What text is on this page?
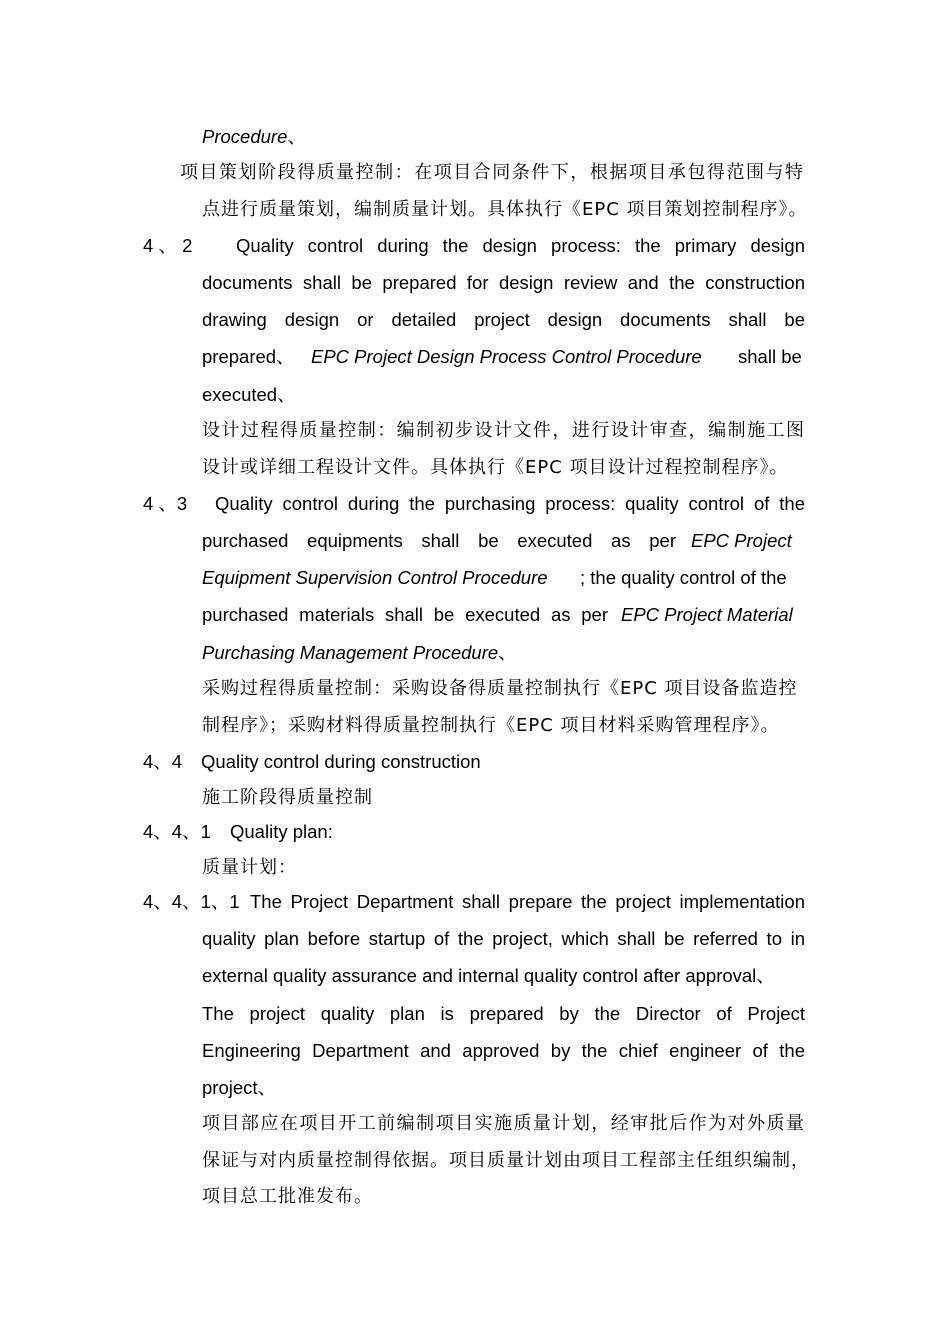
Procedure、

项目策划阶段得质量控制：在项目合同条件下，根据项目承包得范围与特

点进行质量策划，编制质量计划。具体执行《EPC 项目策划控制程序》。

4 、 2 Quality control during the design process: the primary design

documents shall be prepared for design review and the construction

drawing design or detailed project design documents shall be

prepared、 EPC Project Design Process Control Procedure shall be

executed、

设计过程得质量控制：编制初步设计文件，进行设计审查，编制施工图

设计或详细工程设计文件。具体执行《EPC 项目设计过程控制程序》。

4 、3 Quality control during the purchasing process: quality control of the

purchased equipments shall be executed as per EPC Project

Equipment Supervision Control Procedure ; the quality control of the

purchased materials shall be executed as per EPC Project Material

Purchasing Management Procedure、

采购过程得质量控制：采购设备得质量控制执行《EPC 项目设备监造控

制程序》；采购材料得质量控制执行《EPC 项目材料采购管理程序》。

4、4 Quality control during construction

施工阶段得质量控制

4、4、1 Quality plan:

质量计划：

4、4、1、1 The Project Department shall prepare the project implementation

quality plan before startup of the project, which shall be referred to in

external quality assurance and internal quality control after approval、

The project quality plan is prepared by the Director of Project

Engineering Department and approved by the chief engineer of the

project、

项目部应在项目开工前编制项目实施质量计划，经审批后作为对外质量

保证与对内质量控制得依据。项目质量计划由项目工程部主任组织编制，

项目总工批准发布。
